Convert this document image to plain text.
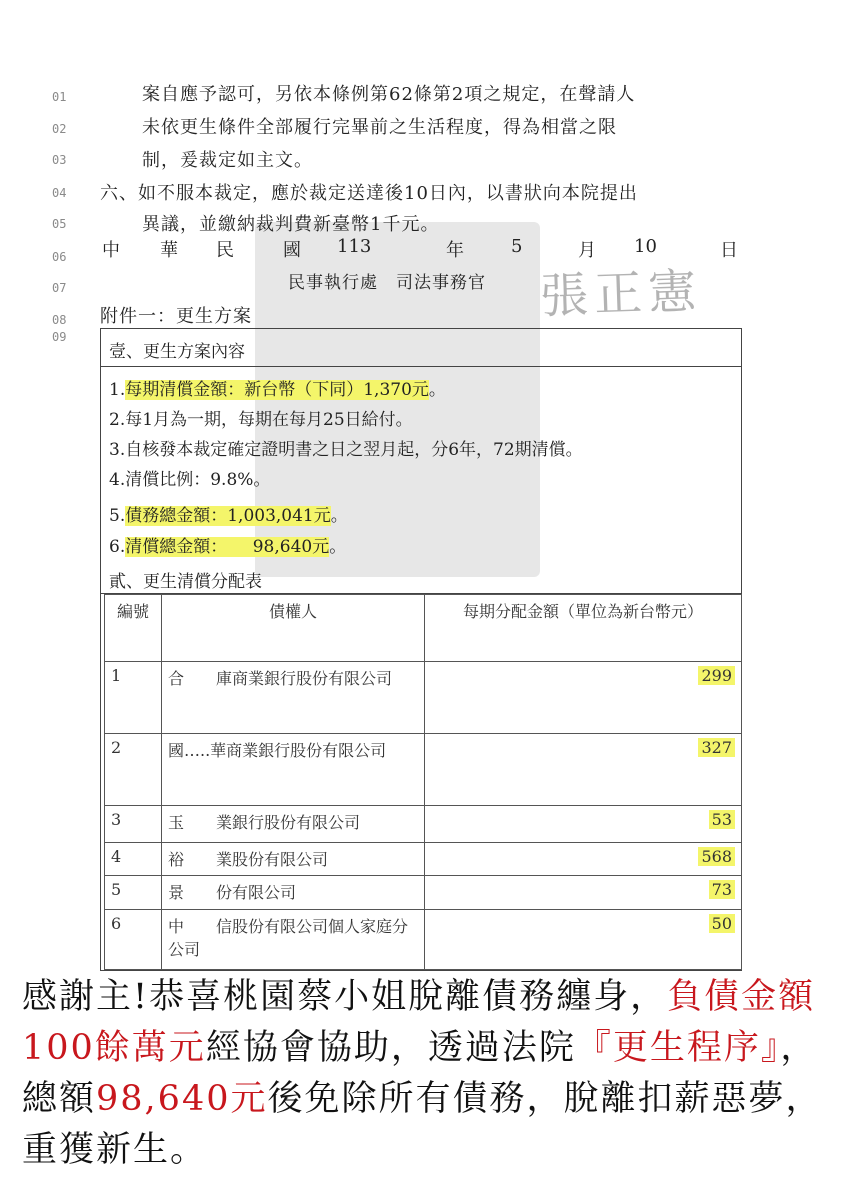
01
02
03
04
05
06
07
08
09
張正憲
案自應予認可，另依本條例第62條第2項之規定，在聲請人
未依更生條件全部履行完畢前之生活程度，得為相當之限
制，爰裁定如主文。
六、如不服本裁定，應於裁定送達後10日內，以書狀向本院提出
異議，並繳納裁判費新臺幣1千元。
中 華 民	國 113	年	5	月 10	日
民事執行處　司法事務官
附件一：更生方案
壹、更生方案內容
1.每期清償金額：新台幣（下同）1,370元。
2.每1月為一期，每期在每月25日給付。
3.自核發本裁定確定證明書之日之翌月起，分6年，72期清償。
4.清償比例：9.8%。
5.債務總金額：1,003,041元。
6.清償總金額：　　98,640元。
貳、更生清償分配表
編號	債權人	每期分配金額（單位為新台幣元）
1	合　　庫商業銀行股份有限公司	299
2	國…..華商業銀行股份有限公司	327
3	玉　　業銀行股份有限公司	53
4	裕　　業股份有限公司	568
5	景　　份有限公司	73
6	中　　信股份有限公司個人家庭分公司	50
感謝主!恭喜桃園蔡小姐脫離債務纏身，負債金額100餘萬元經協會協助，透過法院『更生程序』，總額98,640元後免除所有債務，脫離扣薪惡夢，重獲新生。
